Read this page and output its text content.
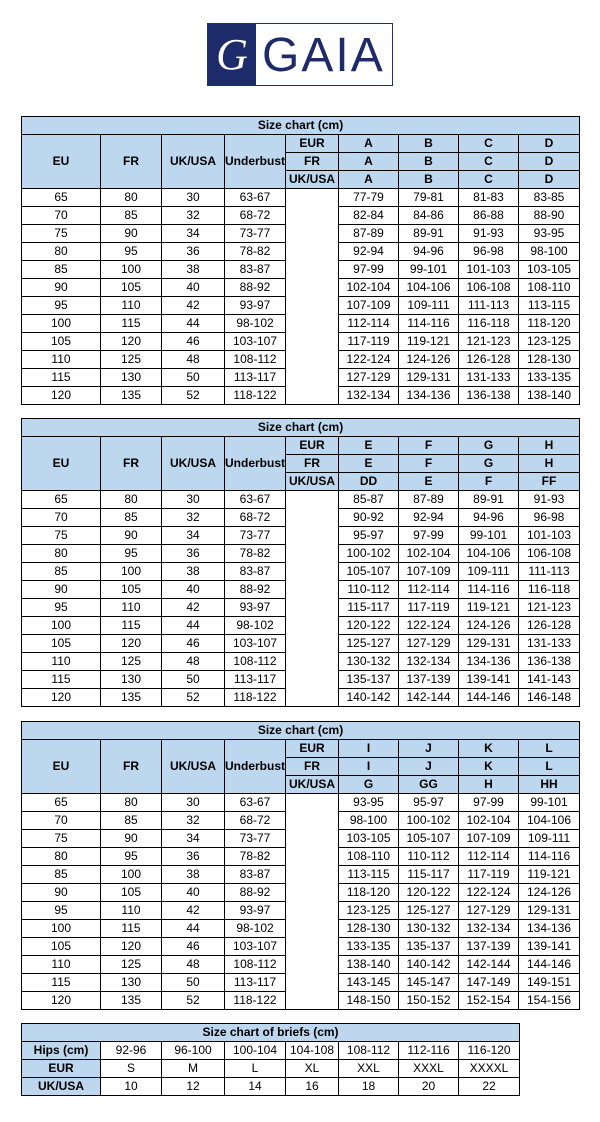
G GAIA
Size chart (cm)								
EU	FR	UK/USA	Underbust	EUR	A	B	C	D
				FR	A	B	C	D
				UK/USA	A	B	C	D
65	80	30	63-67		77-79	79-81	81-83	83-85
70	85	32	68-72		82-84	84-86	86-88	88-90
75	90	34	73-77		87-89	89-91	91-93	93-95
80	95	36	78-82		92-94	94-96	96-98	98-100
85	100	38	83-87		97-99	99-101	101-103	103-105
90	105	40	88-92		102-104	104-106	106-108	108-110
95	110	42	93-97		107-109	109-111	111-113	113-115
100	115	44	98-102		112-114	114-116	116-118	118-120
105	120	46	103-107		117-119	119-121	121-123	123-125
110	125	48	108-112		122-124	124-126	126-128	128-130
115	130	50	113-117		127-129	129-131	131-133	133-135
120	135	52	118-122		132-134	134-136	136-138	138-140
Size chart (cm)								
EU	FR	UK/USA	Underbust	EUR	E	F	G	H
				FR	E	F	G	H
				UK/USA	DD	E	F	FF
65	80	30	63-67		85-87	87-89	89-91	91-93
70	85	32	68-72		90-92	92-94	94-96	96-98
75	90	34	73-77		95-97	97-99	99-101	101-103
80	95	36	78-82		100-102	102-104	104-106	106-108
85	100	38	83-87		105-107	107-109	109-111	111-113
90	105	40	88-92		110-112	112-114	114-116	116-118
95	110	42	93-97		115-117	117-119	119-121	121-123
100	115	44	98-102		120-122	122-124	124-126	126-128
105	120	46	103-107		125-127	127-129	129-131	131-133
110	125	48	108-112		130-132	132-134	134-136	136-138
115	130	50	113-117		135-137	137-139	139-141	141-143
120	135	52	118-122		140-142	142-144	144-146	146-148
Size chart (cm)								
EU	FR	UK/USA	Underbust	EUR	I	J	K	L
				FR	I	J	K	L
				UK/USA	G	GG	H	HH
65	80	30	63-67		93-95	95-97	97-99	99-101
70	85	32	68-72		98-100	100-102	102-104	104-106
75	90	34	73-77		103-105	105-107	107-109	109-111
80	95	36	78-82		108-110	110-112	112-114	114-116
85	100	38	83-87		113-115	115-117	117-119	119-121
90	105	40	88-92		118-120	120-122	122-124	124-126
95	110	42	93-97		123-125	125-127	127-129	129-131
100	115	44	98-102		128-130	130-132	132-134	134-136
105	120	46	103-107		133-135	135-137	137-139	139-141
110	125	48	108-112		138-140	140-142	142-144	144-146
115	130	50	113-117		143-145	145-147	147-149	149-151
120	135	52	118-122		148-150	150-152	152-154	154-156
Size chart of briefs (cm)							
Hips (cm)	92-96	96-100	100-104	104-108	108-112	112-116	116-120
EUR	S	M	L	XL	XXL	XXXL	XXXXL
UK/USA	10	12	14	16	18	20	22
